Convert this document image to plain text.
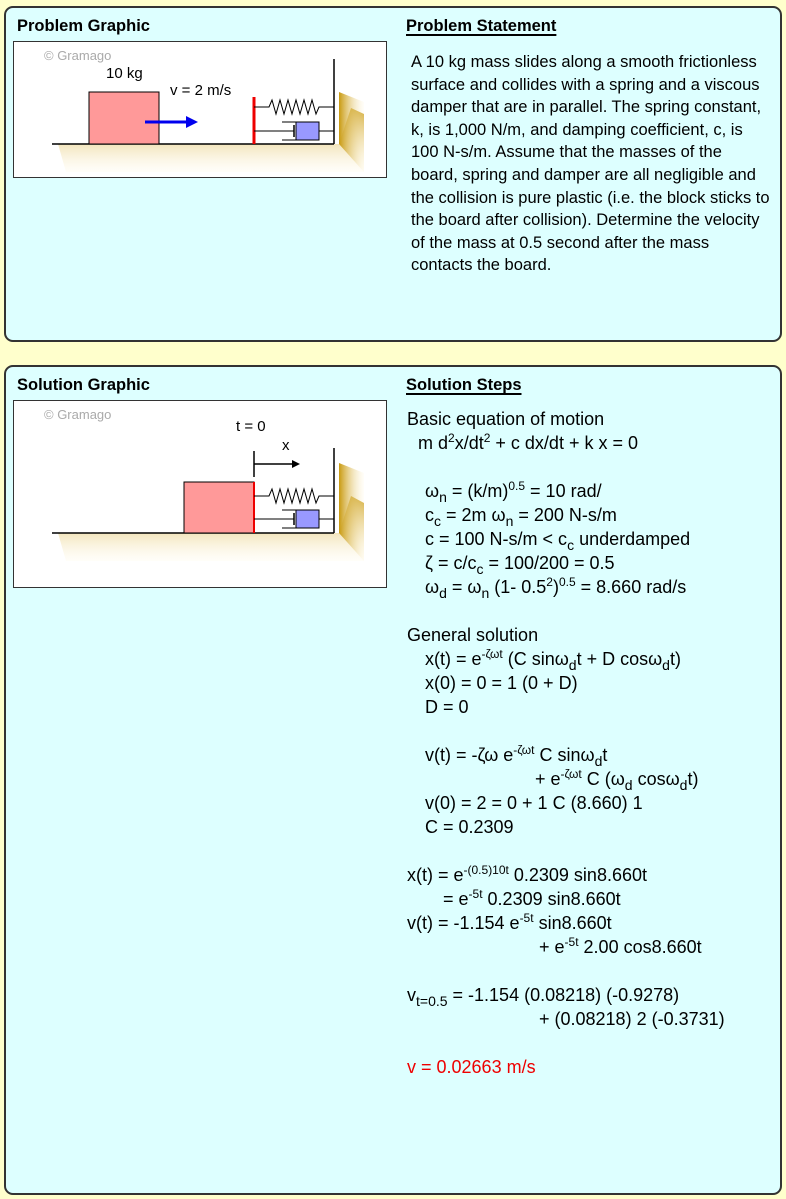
Problem Graphic	Problem Statement
© Gramago
10 kg
v = 2 m/s
A 10 kg mass slides along a smooth frictionless surface and collides with a spring and a viscous damper that are in parallel. The spring constant, k, is 1,000 N/m, and damping coefficient, c, is 100 N-s/m. Assume that the masses of the board, spring and damper are all negligible and the collision is pure plastic (i.e. the block sticks to the board after collision). Determine the velocity of the mass at 0.5 second after the mass contacts the board.
Solution Graphic	Solution Steps
© Gramago
t = 0
x
Basic equation of motion
m $d^2x/dt^2 + c$ dx/dt + k x = 0
$\omega_n = (k/m)^{0.5} = 10$ rad/
$c_c = 2m$ $\omega_n = 200$ N-s/m
c = 100 $N-s/m < c_c$ underdamped
$\zeta = c/c_c = 100/200 = 0.5$
$\omega_d = \omega_n$ (1- $0.5^2)^{0.5} = 8.660$ rad/s
General solution
$x(t) = e^{-\zeta\omega t}$ (C sinω$_d$t + D cosω$_d$t)
x(0) = 0 = 1 (0 + D)
D = 0
v(t) = -ζω $e^{-\zeta\omega t}$ C sinω$_d$t
+ $e^{-\zeta\omega t}$ C ($\omega_d$ cosω$_d$t)
v(0) = 2 = 0 + 1 C (8.660) 1
C = 0.2309
$x(t) = e^{-(0.5)10t}$ 0.2309 sin8.660t
= $e^{-5t}$ 0.2309 sin8.660t
v(t) = -1.154 $e^{-5t}$ sin8.660t
+ $e^{-5t}$ 2.00 cos8.660t
$v_{t=0.5} = -1.154$ (0.08218) (-0.9278)
+ (0.08218) 2 (-0.3731)
v = 0.02663 m/s
